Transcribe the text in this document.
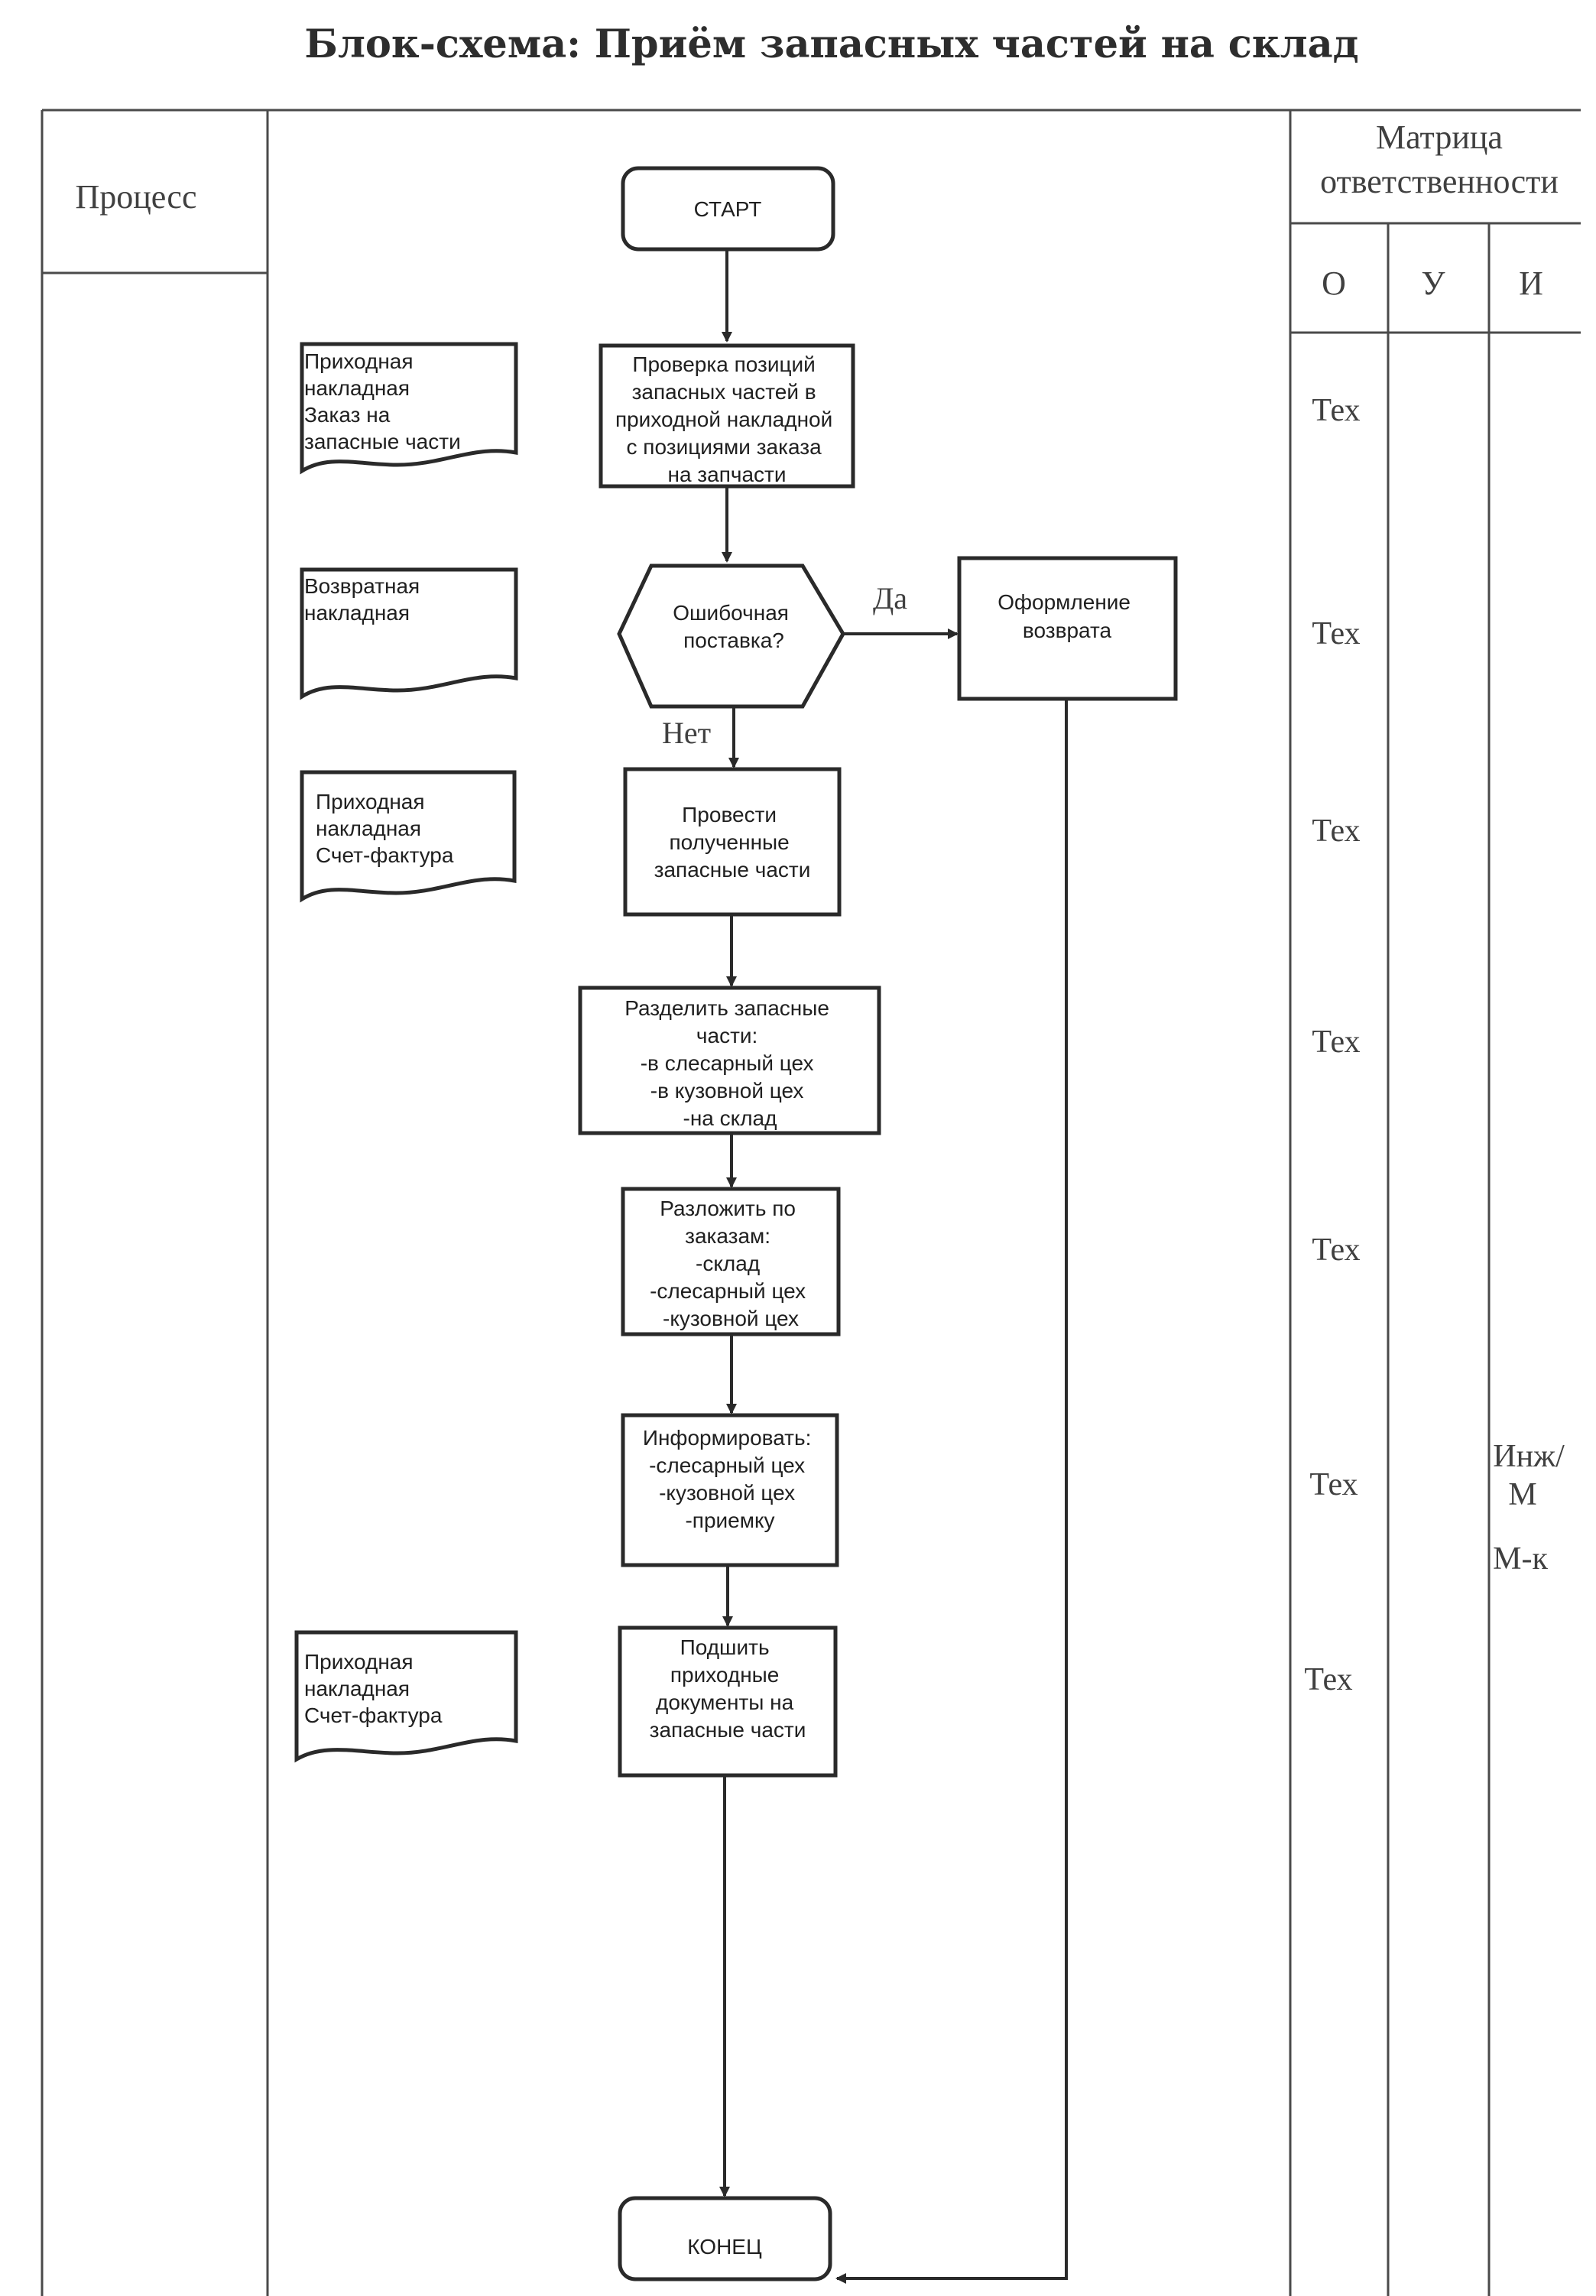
Блок-схема: Приём запасных частей на склад
Процесс
Матрица
ответственности
О У И
СТАРТ
КОНЕЦ
Проверка позиций запасных частей в приходной накладной с позициями заказа на запчасти
Ошибочная поставка?
Да
Нет
Оформление возврата
Провести полученные запасные части
Разделить запасные части: -в слесарный цех -в кузовной цех -на склад
Разложить по заказам: -склад -слесарный цех -кузовной цех
Информировать: -слесарный цех -кузовной цех -приемку
Подшить приходные документы на запасные части
Приходная накладная Заказ на запасные части
Возвратная накладная
Приходная накладная Счет-фактура
Приходная накладная Счет-фактура
Тех
Тех
Тех
Тех
Тех
Тех
Тех
Инж/
М
М-к
